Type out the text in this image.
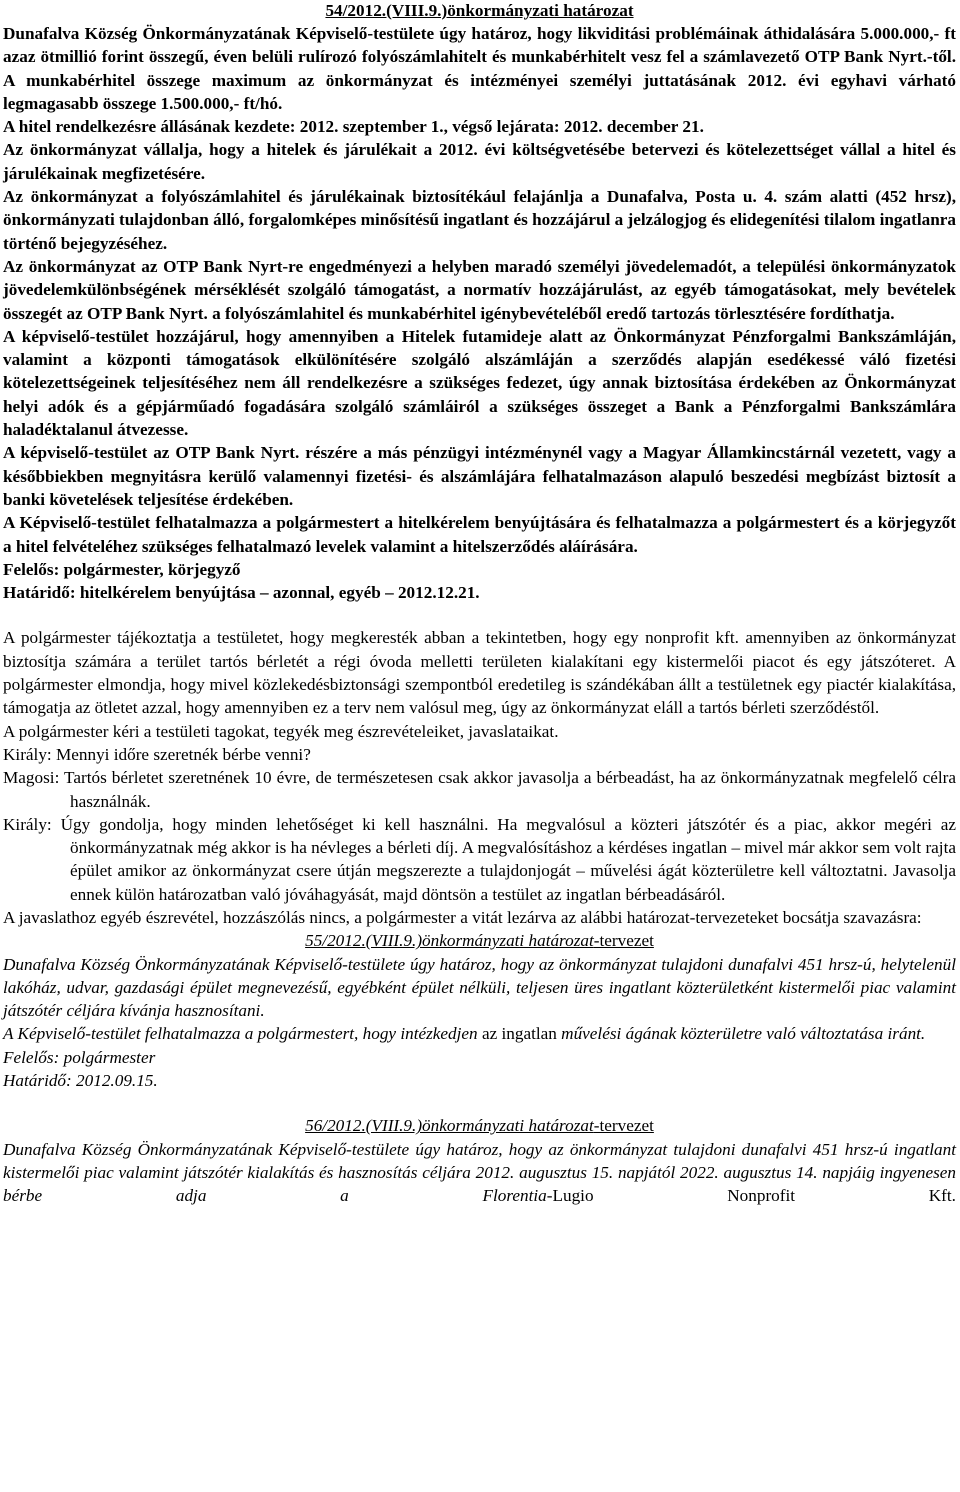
54/2012.(VIII.9.)önkormányzati határozat

Dunafalva Község Önkormányzatának Képviselő-testülete úgy határoz, hogy likviditási problémáinak áthidalására 5.000.000,- ft azaz ötmillió forint összegű, éven belüli rulírozó folyószámlahitelt és munkabérhitelt vesz fel a számlavezető OTP Bank Nyrt.-től. A munkabérhitel összege maximum az önkormányzat és intézményei személyi juttatásának 2012. évi egyhavi várható legmagasabb összege 1.500.000,- ft/hó.

A hitel rendelkezésre állásának kezdete: 2012. szeptember 1., végső lejárata: 2012. december 21.

Az önkormányzat vállalja, hogy a hitelek és járulékait a 2012. évi költségvetésébe betervezi és kötelezettséget vállal a hitel és járulékainak megfizetésére.

Az önkormányzat a folyószámlahitel és járulékainak biztosítékául felajánlja a Dunafalva, Posta u. 4. szám alatti (452 hrsz), önkormányzati tulajdonban álló, forgalomképes minősítésű ingatlant és hozzájárul a jelzálogjog és elidegenítési tilalom ingatlanra történő bejegyzéséhez.

Az önkormányzat az OTP Bank Nyrt-re engedményezi a helyben maradó személyi jövedelemadót, a települési önkormányzatok jövedelemkülönbségének mérséklését szolgáló támogatást, a normatív hozzájárulást, az egyéb támogatásokat, mely bevételek összegét az OTP Bank Nyrt. a folyószámlahitel és munkabérhitel igénybevételéből eredő tartozás törlesztésére fordíthatja.

A képviselő-testület hozzájárul, hogy amennyiben a Hitelek futamideje alatt az Önkormányzat Pénzforgalmi Bankszámláján, valamint a központi támogatások elkülönítésére szolgáló alszámláján a szerződés alapján esedékessé váló fizetési kötelezettségeinek teljesítéséhez nem áll rendelkezésre a szükséges fedezet, úgy annak biztosítása érdekében az Önkormányzat helyi adók és a gépjárműadó fogadására szolgáló számláiról a szükséges összeget a Bank a Pénzforgalmi Bankszámlára haladéktalanul átvezesse.

A képviselő-testület az OTP Bank Nyrt. részére a más pénzügyi intézménynél vagy a Magyar Államkincstárnál vezetett, vagy a későbbiekben megnyitásra kerülő valamennyi fizetési- és alszámlájára felhatalmazáson alapuló beszedési megbízást biztosít a banki követelések teljesítése érdekében.

A Képviselő-testület felhatalmazza a polgármestert a hitelkérelem benyújtására és felhatalmazza a polgármestert és a körjegyzőt a hitel felvételéhez szükséges felhatalmazó levelek valamint a hitelszerződés aláírására.

Felelős: polgármester, körjegyző

Határidő: hitelkérelem benyújtása – azonnal, egyéb – 2012.12.21.

A polgármester tájékoztatja a testületet, hogy megkeresték abban a tekintetben, hogy egy nonprofit kft. amennyiben az önkormányzat biztosítja számára a terület tartós bérletét a régi óvoda melletti területen kialakítani egy kistermelői piacot és egy játszóteret. A polgármester elmondja, hogy mivel közlekedésbiztonsági szempontból eredetileg is szándékában állt a testületnek egy piactér kialakítása, támogatja az ötletet azzal, hogy amennyiben ez a terv nem valósul meg, úgy az önkormányzat eláll a tartós bérleti szerződéstől.

A polgármester kéri a testületi tagokat, tegyék meg észrevételeiket, javaslataikat.

Király: Mennyi időre szeretnék bérbe venni?

Magosi: Tartós bérletet szeretnének 10 évre, de természetesen csak akkor javasolja a bérbeadást, ha az önkormányzatnak megfelelő célra használnák.

Király: Úgy gondolja, hogy minden lehetőséget ki kell használni. Ha megvalósul a közteri játszótér és a piac, akkor megéri az önkormányzatnak még akkor is ha névleges a bérleti díj. A megvalósításhoz a kérdéses ingatlan – mivel már akkor sem volt rajta épület amikor az önkormányzat csere útján megszerezte a tulajdonjogát – művelési ágát közterületre kell változtatni. Javasolja ennek külön határozatban való jóváhagyását, majd döntsön a testület az ingatlan bérbeadásáról.

A javaslathoz egyéb észrevétel, hozzászólás nincs, a polgármester a vitát lezárva az alábbi határozat-tervezeteket bocsátja szavazásra:

55/2012.(VIII.9.)önkormányzati határozat-tervezet

Dunafalva Község Önkormányzatának Képviselő-testülete úgy határoz, hogy az önkormányzat tulajdoni dunafalvi 451 hrsz-ú, helytelenül lakóház, udvar, gazdasági épület megnevezésű, egyébként épület nélküli, teljesen üres ingatlant közterületként kistermelői piac valamint játszótér céljára kívánja hasznosítani.

A Képviselő-testület felhatalmazza a polgármestert, hogy intézkedjen az ingatlan művelési ágának közterületre való változtatása iránt.

Felelős: polgármester

Határidő: 2012.09.15.

56/2012.(VIII.9.)önkormányzati határozat-tervezet

Dunafalva Község Önkormányzatának Képviselő-testülete úgy határoz, hogy az önkormányzat tulajdoni dunafalvi 451 hrsz-ú ingatlant kistermelői piac valamint játszótér kialakítás és hasznosítás céljára 2012. augusztus 15. napjától 2022. augusztus 14. napjáig ingyenesen bérbe adja a Florentia-Lugio Nonprofit Kft.
